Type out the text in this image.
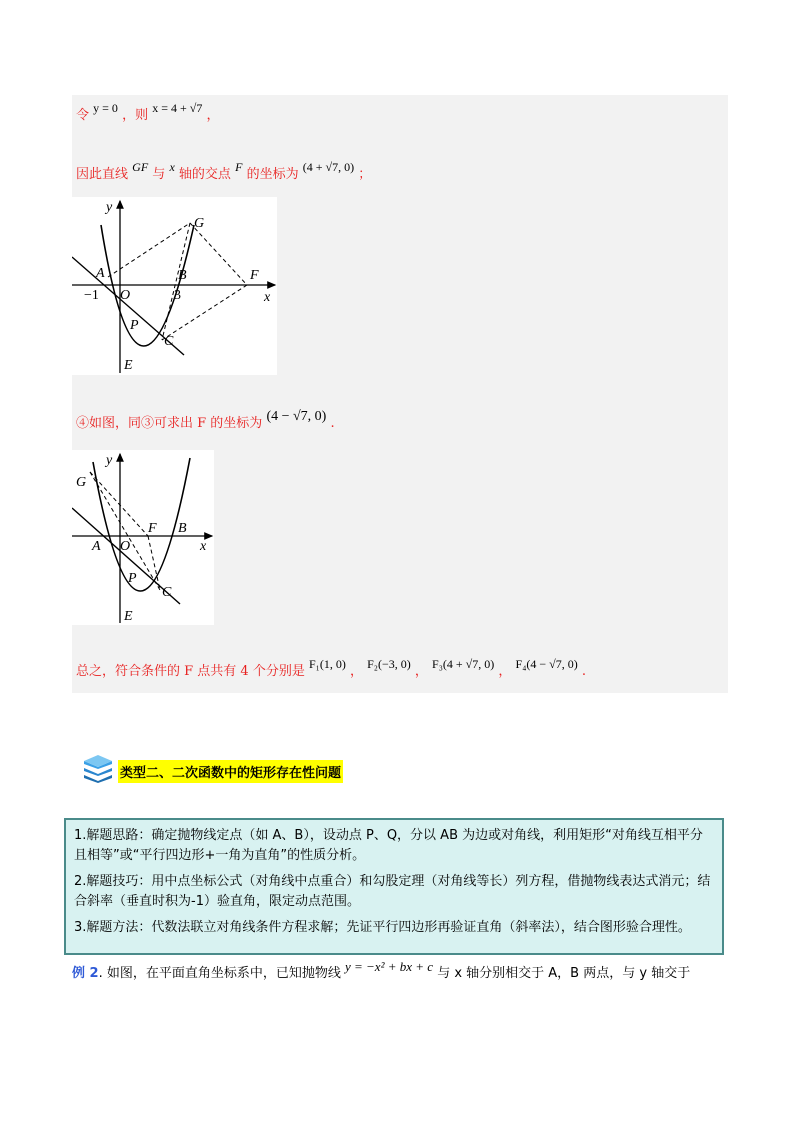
令 y = 0 ，则 x = 4 + √7 ，
因此直线 GF 与 x 轴的交点 F 的坐标为 (4 + √7, 0) ；
y
x
G
A
O
B	F
−1	3
P
C
E
④如图，同③可求出 F 的坐标为 (4 − √7, 0) .
y
x
G
A O
B
F
P
C
E
总之，符合条件的 F 点共有 4 个分别是 F₁(1, 0) ， F₂(−3, 0) ， F₃(4 + √7, 0) ， F₄(4 − √7, 0) .
类型二、二次函数中的矩形存在性问题

1.解题思路：确定抛物线定点（如 A、B），设动点 P、Q，分以 AB 为边或对角线，利用矩形“对角线互相平分且相等”或“平行四边形+一角为直角”的性质分析。

2.解题技巧：用中点坐标公式（对角线中点重合）和勾股定理（对角线等长）列方程，借抛物线表达式消元；结合斜率（垂直时积为-1）验直角，限定动点范围。

3.解题方法：代数法联立对角线条件方程求解；先证平行四边形再验证直角（斜率法），结合图形验合理性。

例 2. 如图，在平面直角坐标系中，已知抛物线 y = −x² + bx + c 与 x 轴分别相交于 A，B 两点，与 y 轴交于
